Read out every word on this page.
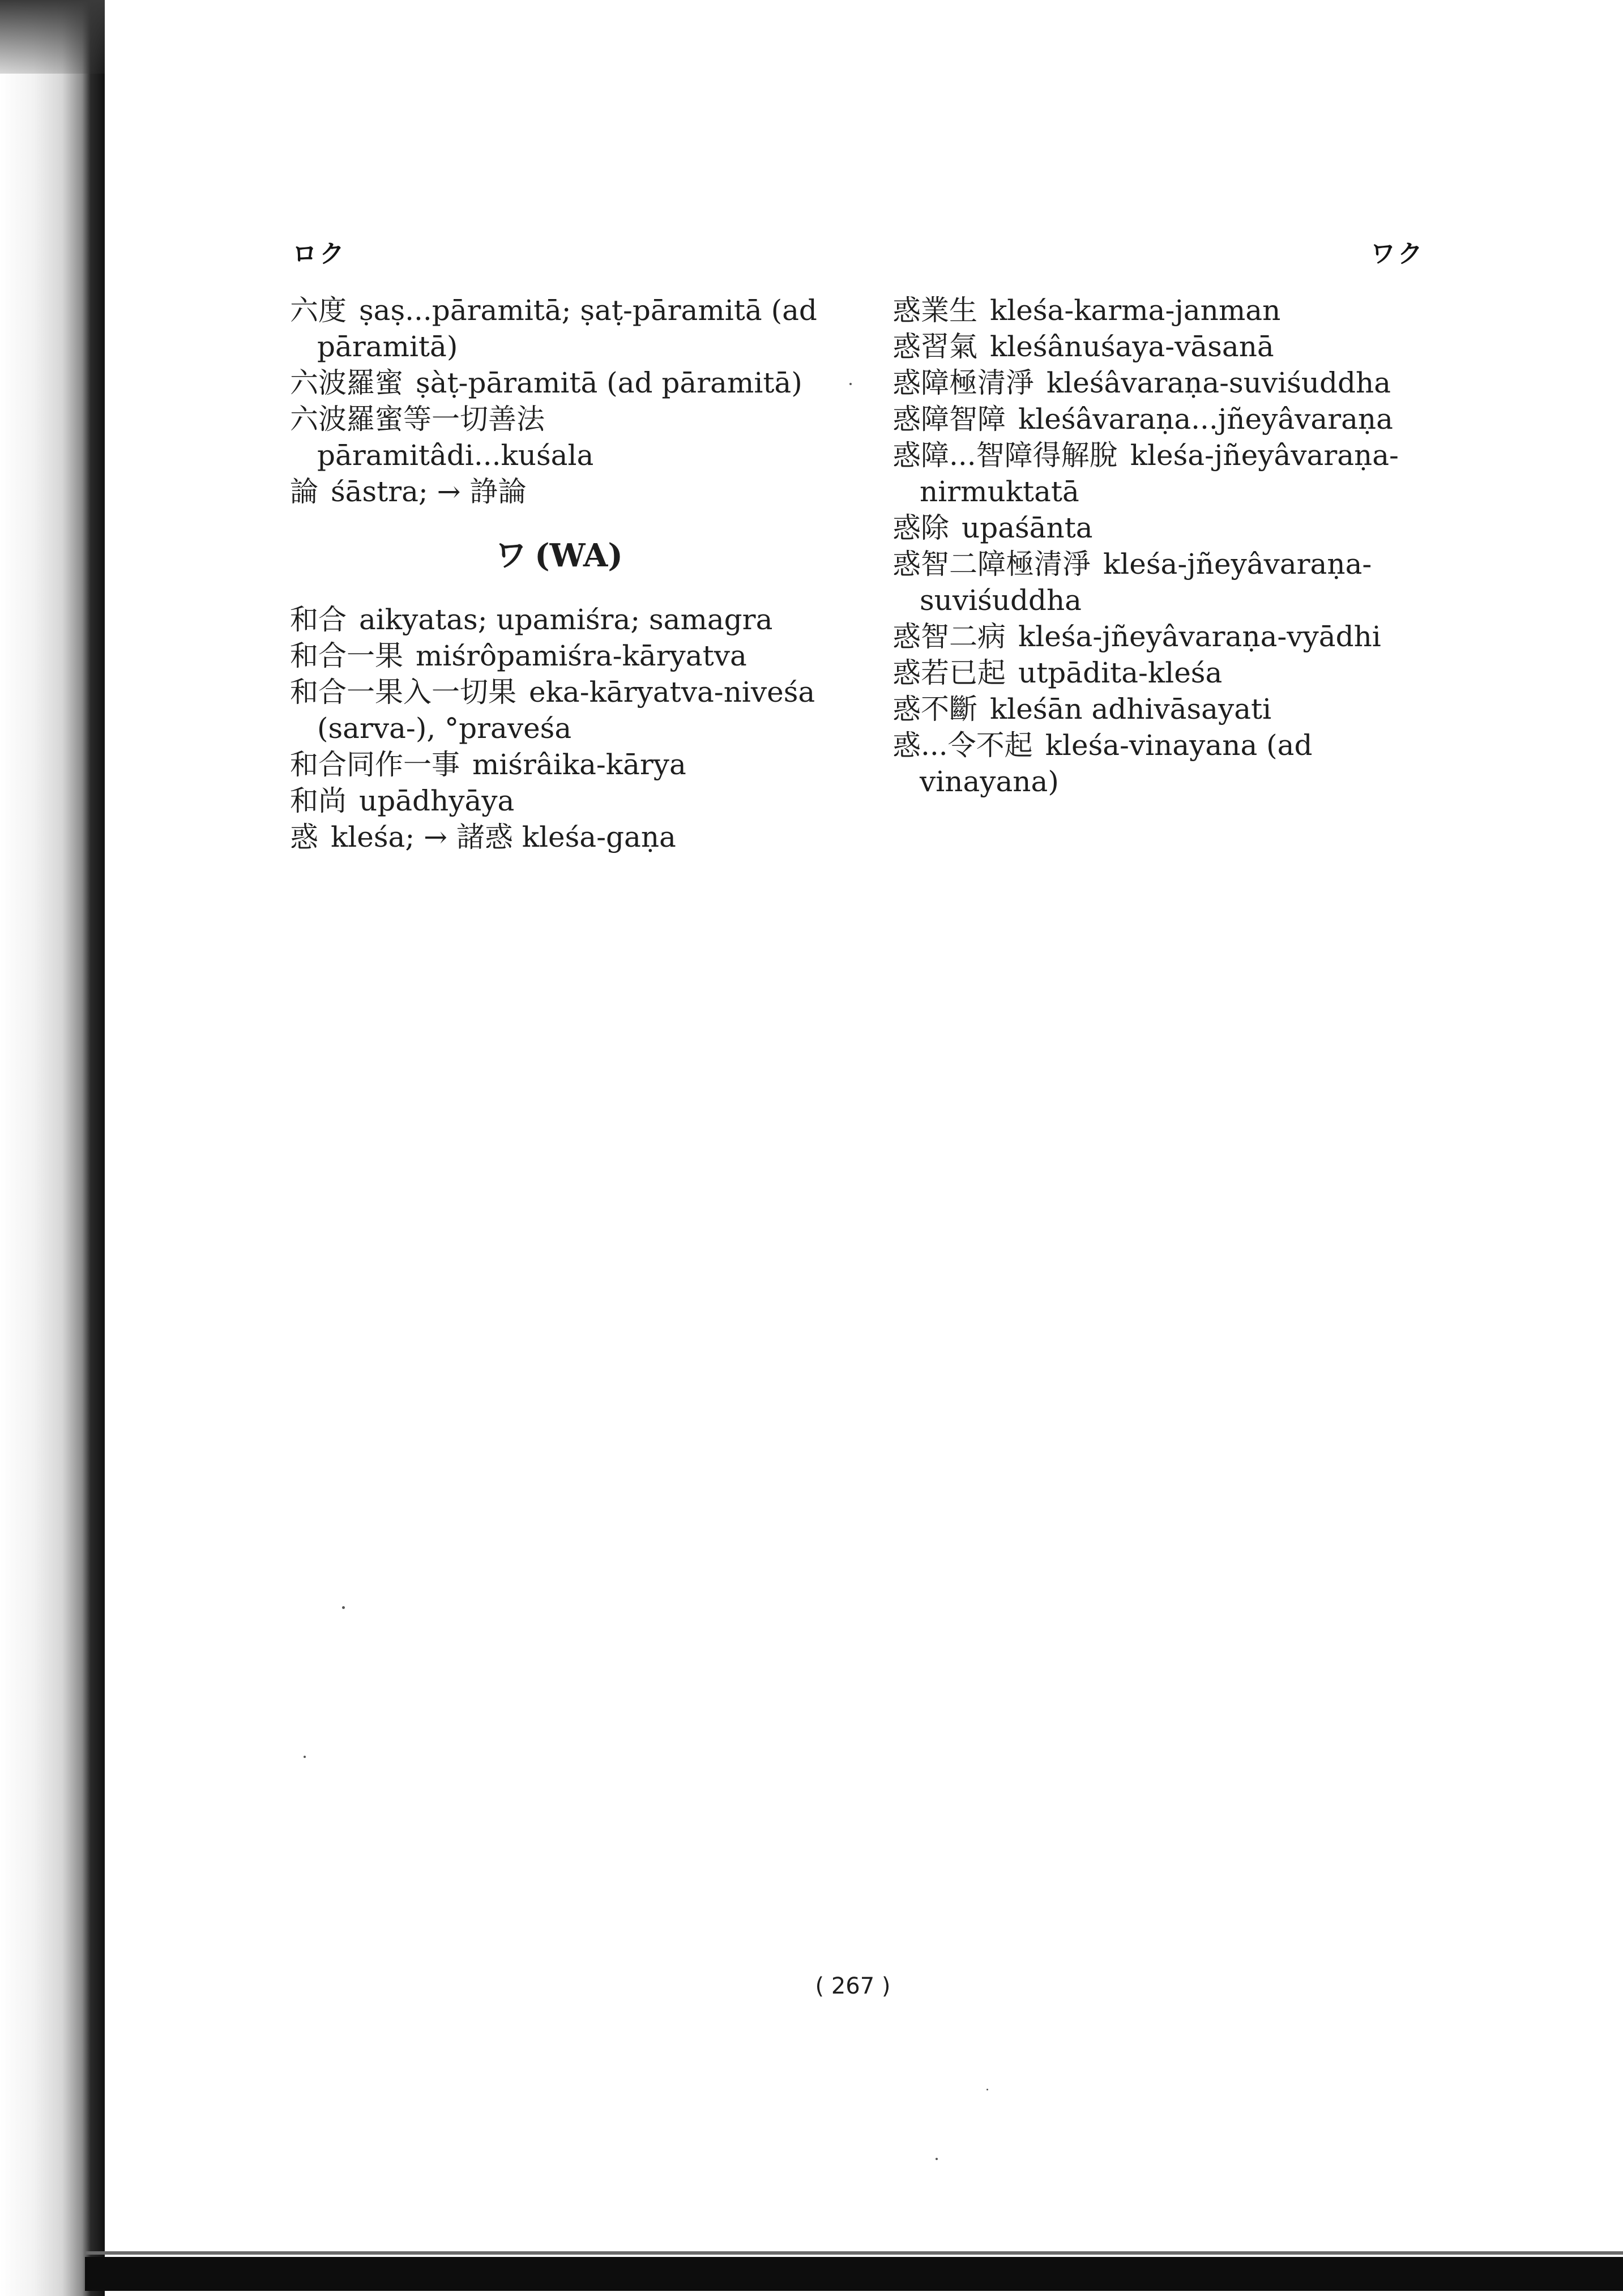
ロク	ワク
六度 ṣaṣ...pāramitā; ṣaṭ-pāramitā (ad pāramitā)
六波羅蜜 ṣàṭ-pāramitā (ad pāramitā)
六波羅蜜等一切善法pāramitâdi...kuśala
論 śāstra; → 諍論
ワ (WA)
和合 aikyatas; upamiśra; samagra
和合一果 miśrôpamiśra-kāryatva
和合一果入一切果 eka-kāryatva-niveśa (sarva-), °praveśa
和合同作一事 miśrâika-kārya
和尚 upādhyāya
惑 kleśa; → 諸惑 kleśa-gaṇa
惑業生 kleśa-karma-janman
惑習氣 kleśânuśaya-vāsanā
惑障極清淨 kleśâvaraṇa-suviśuddha
惑障智障 kleśâvaraṇa...jñeyâvaraṇa
惑障...智障得解脫 kleśa-jñeyâvaraṇa-nirmuktatā
惑除 upaśānta
惑智二障極清淨 kleśa-jñeyâvaraṇa-suviśuddha
惑智二病 kleśa-jñeyâvaraṇa-vyādhi
惑若已起 utpādita-kleśa
惑不斷 kleśān adhivāsayati
惑...令不起 kleśa-vinayana (ad vinayana)
( 267 )
